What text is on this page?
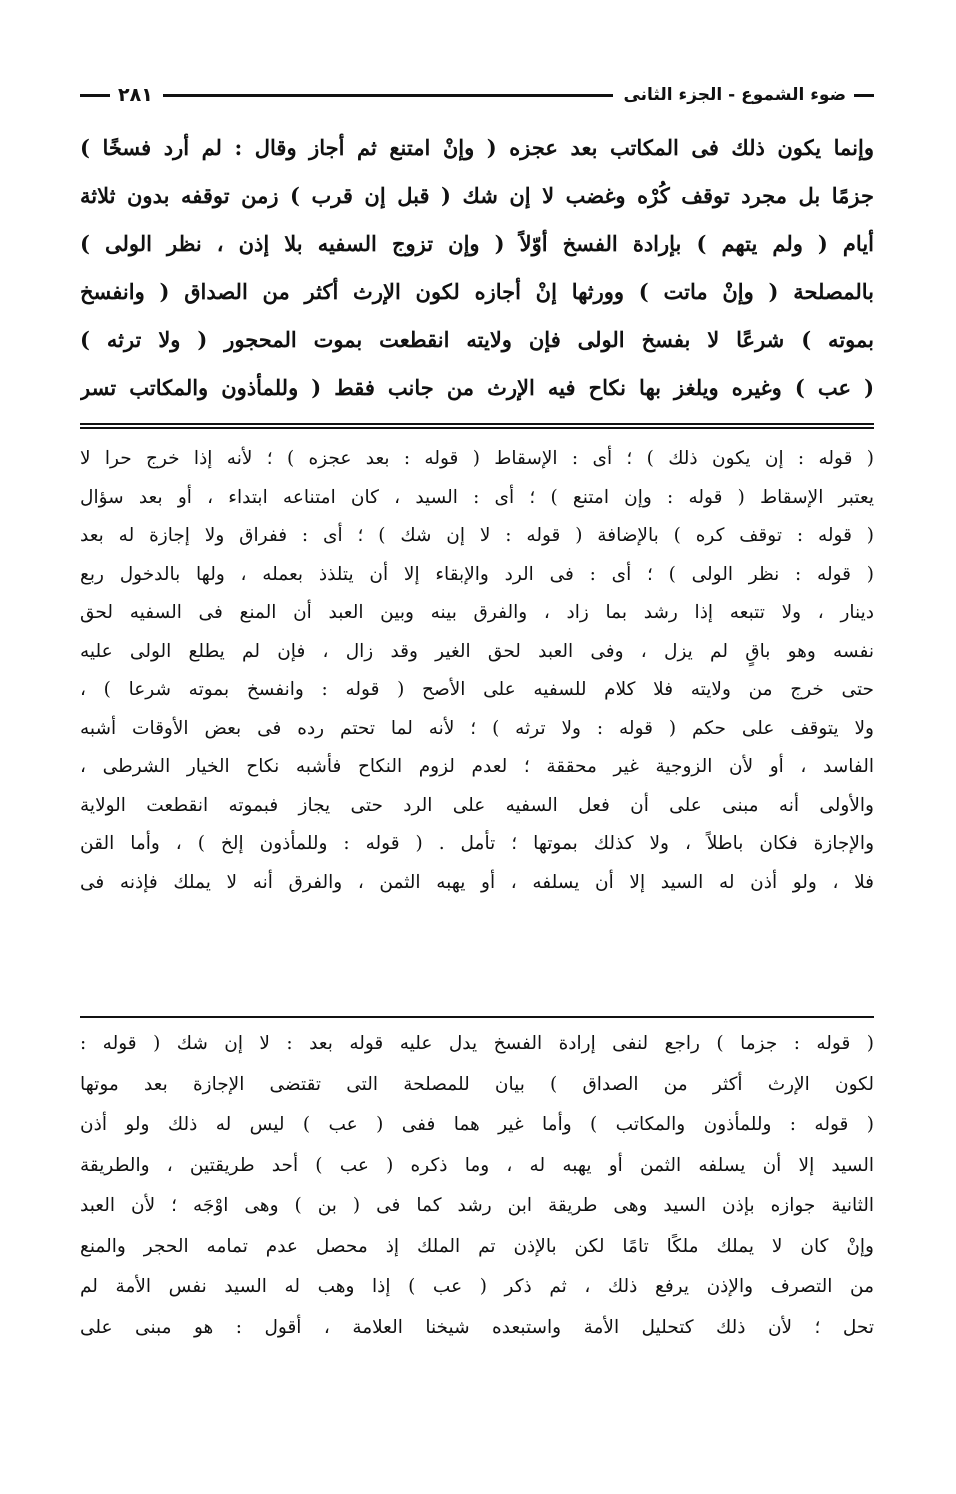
ضوء الشموع - الجزء الثانى
٢٨١
وإنما يكون ذلك فى المكاتب بعد عجزه ( وإنْ امتنع ثم أجاز وقال : لم أرد فسخًا )
جزمًا بل مجرد توقف كُرْه وغضب لا إن شك ( قبل إن قرب ) زمن توقفه بدون ثلاثة
أيام ( ولم يتهم ) بإرادة الفسخ أوّلاً ( وإن تزوج السفيه بلا إذن ، نظر الولى )
بالمصلحة ( وإنْ ماتت ) وورثها إنْ أجازه لكون الإرث أكثر من الصداق ( وانفسخ
بموته ) شرعًا لا بفسخ الولى فإن ولايته انقطعت بموت المحجور ( ولا ترثه )
( عب ) وغيره ويلغز بها نكاح فيه الإرث من جانب فقط ( وللمأذون والمكاتب تسر
( قوله : إن يكون ذلك ) ؛ أى : الإسقاط ( قوله : بعد عجزه ) ؛ لأنه إذا خرج حرا لا
يعتبر الإسقاط ( قوله : وإن امتنع ) ؛ أى : السيد ، كان امتناعه ابتداء ، أو بعد سؤال
( قوله : توقف كره ) بالإضافة ( قوله : لا إن شك ) ؛ أى : ففراق ولا إجازة له بعد
( قوله : نظر الولى ) ؛ أى : فى الرد والإبقاء إلا أن يتلذذ بعمله ، ولها بالدخول ربع
دينار ، ولا تتبعه إذا رشد بما زاد ، والفرق بينه وبين العبد أن المنع فى السفيه لحق
نفسه وهو باقٍ لم يزل ، وفى العبد لحق الغير وقد زال ، فإن لم يطلع الولى عليه
حتى خرج من ولايته فلا كلام للسفيه على الأصح ( قوله : وانفسخ بموته شرعا ) ،
ولا يتوقف على حكم ( قوله : ولا ترثه ) ؛ لأنه لما تحتم رده فى بعض الأوقات أشبه
الفاسد ، أو لأن الزوجية غير محققة ؛ لعدم لزوم النكاح فأشبه نكاح الخيار الشرطى ،
والأولى أنه مبنى على أن فعل السفيه على الرد حتى يجاز فبموته انقطعت الولاية
والإجازة فكان باطلاً ، ولا كذلك بموتها ؛ تأمل . ( قوله : وللمأذون إلخ ) ، وأما القن
فلا ، ولو أذن له السيد إلا أن يسلفه ، أو يهبه الثمن ، والفرق أنه لا يملك فإذنه فى
( قوله : جزما ) راجع لنفى إرادة الفسخ يدل عليه قوله بعد : لا إن شك ( قوله :
لكون الإرث أكثر من الصداق ) بيان للمصلحة التى تقتضى الإجازة بعد موتها
( قوله : وللمأذون والمكاتب ) وأما غير هما ففى ( عب ) ليس له ذلك ولو أذن
السيد إلا أن يسلفه الثمن أو يهبه له ، وما ذكره ( عب ) أحد طريقتين ، والطريقة
الثانية جوازه بإذن السيد وهى طريقة ابن رشد كما فى ( بن ) وهى اوْجَه ؛ لأن العبد
وإنْ كان لا يملك ملكًا تامًا لكن بالإذن تم الملك إذ محصل عدم تمامه الحجر والمنع
من التصرف والإذن يرفع ذلك ، ثم ذكر ( عب ) إذا وهب له السيد نفس الأمة لم
تحل ؛ لأن ذلك كتحليل الأمة واستبعده شيخنا العلامة ، أقول : هو مبنى على
